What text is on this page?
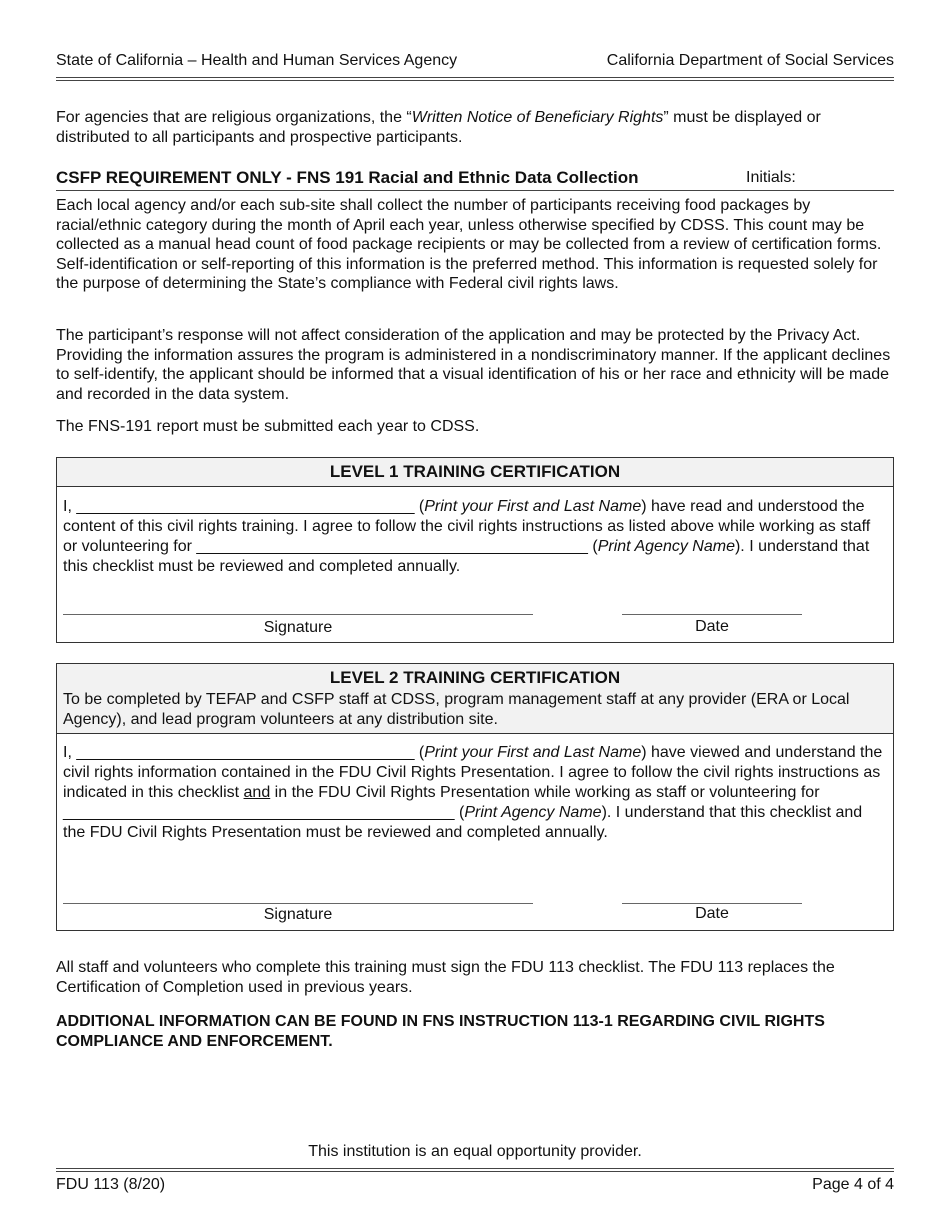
State of California – Health and Human Services Agency	California Department of Social Services
For agencies that are religious organizations, the “Written Notice of Beneficiary Rights” must be displayed or distributed to all participants and prospective participants.
CSFP REQUIREMENT ONLY - FNS 191 Racial and Ethnic Data Collection	Initials:
Each local agency and/or each sub-site shall collect the number of participants receiving food packages by racial/ethnic category during the month of April each year, unless otherwise specified by CDSS. This count may be collected as a manual head count of food package recipients or may be collected from a review of certification forms. Self-identification or self-reporting of this information is the preferred method. This information is requested solely for the purpose of determining the State’s compliance with Federal civil rights laws.
The participant’s response will not affect consideration of the application and may be protected by the Privacy Act. Providing the information assures the program is administered in a nondiscriminatory manner. If the applicant declines to self-identify, the applicant should be informed that a visual identification of his or her race and ethnicity will be made and recorded in the data system.
The FNS-191 report must be submitted each year to CDSS.
LEVEL 1 TRAINING CERTIFICATION
I, ______________________________________ (Print your First and Last Name) have read and understood the content of this civil rights training. I agree to follow the civil rights instructions as listed above while working as staff or volunteering for ____________________________________________ (Print Agency Name). I understand that this checklist must be reviewed and completed annually.
Signature	Date
LEVEL 2 TRAINING CERTIFICATION
To be completed by TEFAP and CSFP staff at CDSS, program management staff at any provider (ERA or Local Agency), and lead program volunteers at any distribution site.
I, ______________________________________ (Print your First and Last Name) have viewed and understand the civil rights information contained in the FDU Civil Rights Presentation. I agree to follow the civil rights instructions as indicated in this checklist and in the FDU Civil Rights Presentation while working as staff or volunteering for ____________________________________________ (Print Agency Name). I understand that this checklist and the FDU Civil Rights Presentation must be reviewed and completed annually.
Signature	Date
All staff and volunteers who complete this training must sign the FDU 113 checklist. The FDU 113 replaces the Certification of Completion used in previous years.
ADDITIONAL INFORMATION CAN BE FOUND IN FNS INSTRUCTION 113-1 REGARDING CIVIL RIGHTS COMPLIANCE AND ENFORCEMENT.
This institution is an equal opportunity provider.
FDU 113 (8/20)	Page 4 of 4
